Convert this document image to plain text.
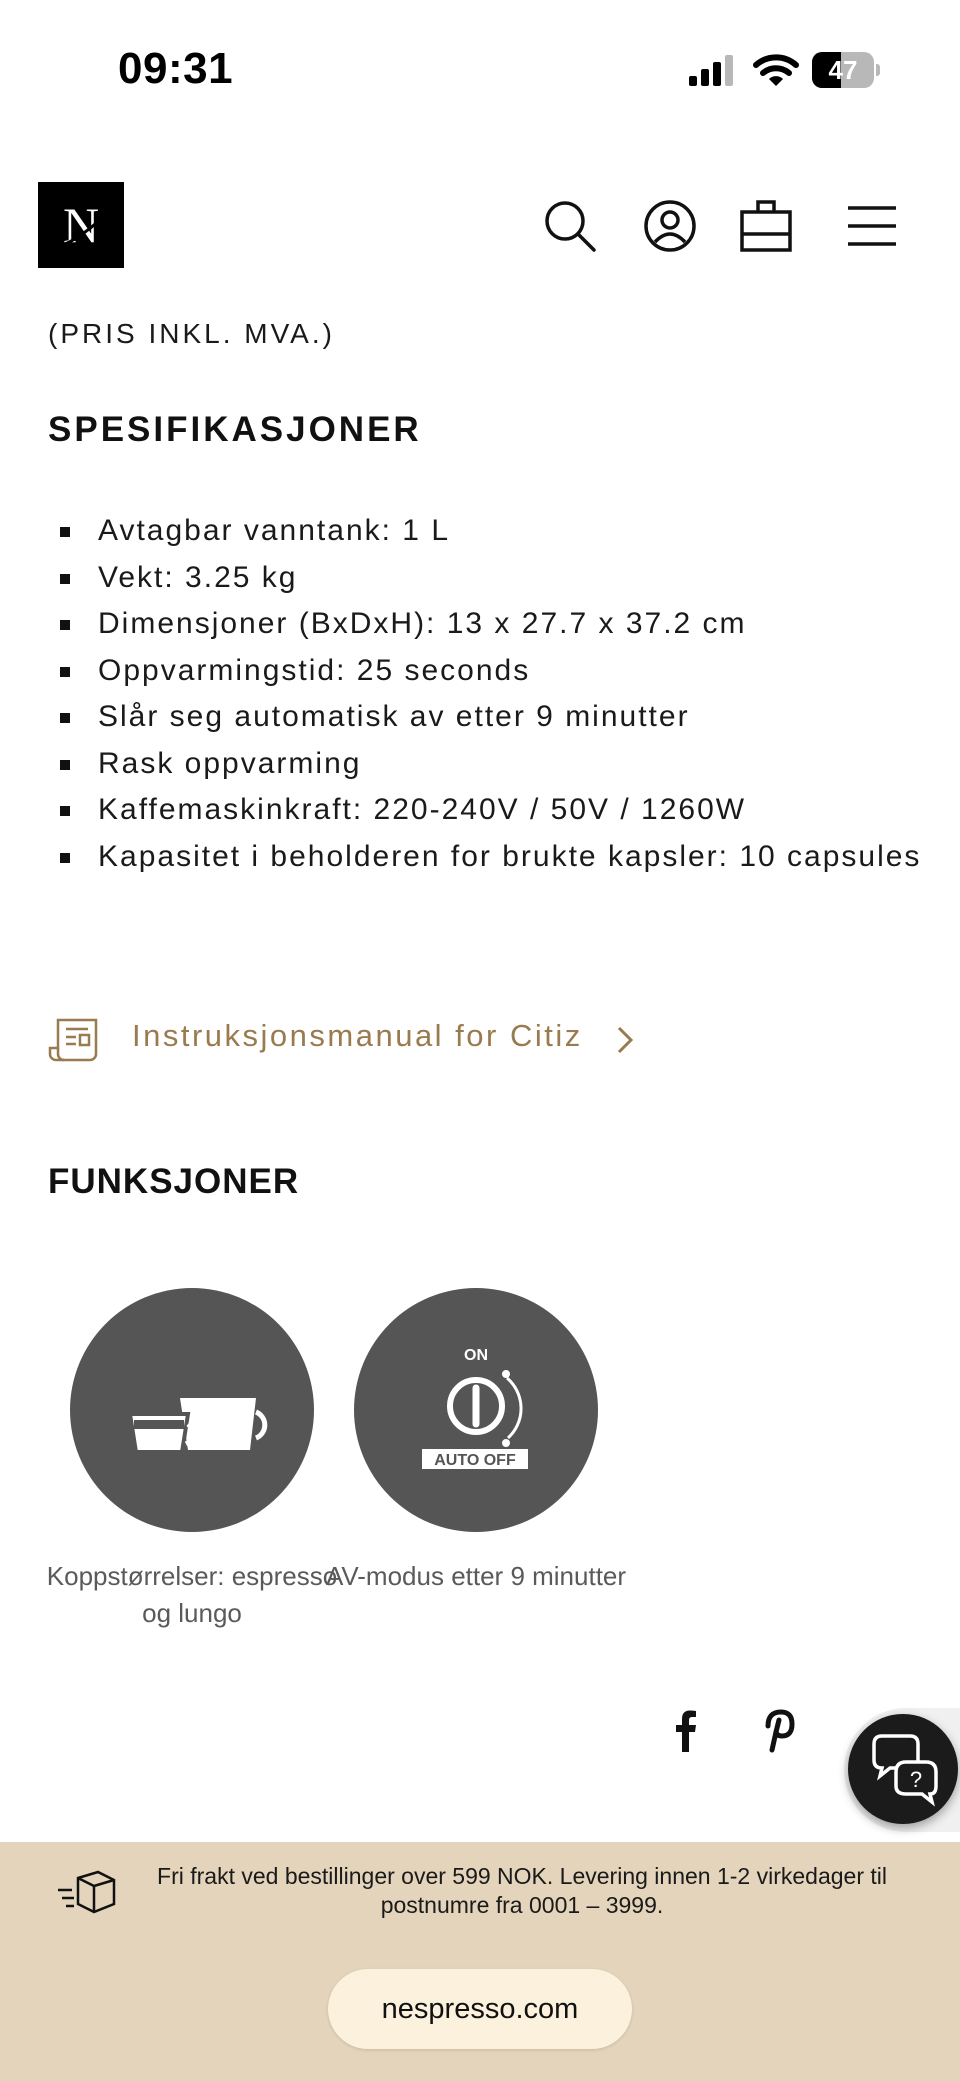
09:31	47
N
(PRIS INKL. MVA.)
SPESIFIKASJONER
Avtagbar vanntank: 1 L
Vekt: 3.25 kg
Dimensjoner (BxDxH): 13 x 27.7 x 37.2 cm
Oppvarmingstid: 25 seconds
Slår seg automatisk av etter 9 minutter
Rask oppvarming
Kaffemaskinkraft: 220-240V / 50V / 1260W
Kapasitet i beholderen for brukte kapsler: 10 capsules
Instruksjonsmanual for Citiz
FUNKSJONER
Koppstørrelser: espresso og lungo
ON
AUTO OFF
AV-modus etter 9 minutter
?
Fri frakt ved bestillinger over 599 NOK. Levering innen 1-2 virkedager til postnumre fra 0001 – 3999.
nespresso.com
